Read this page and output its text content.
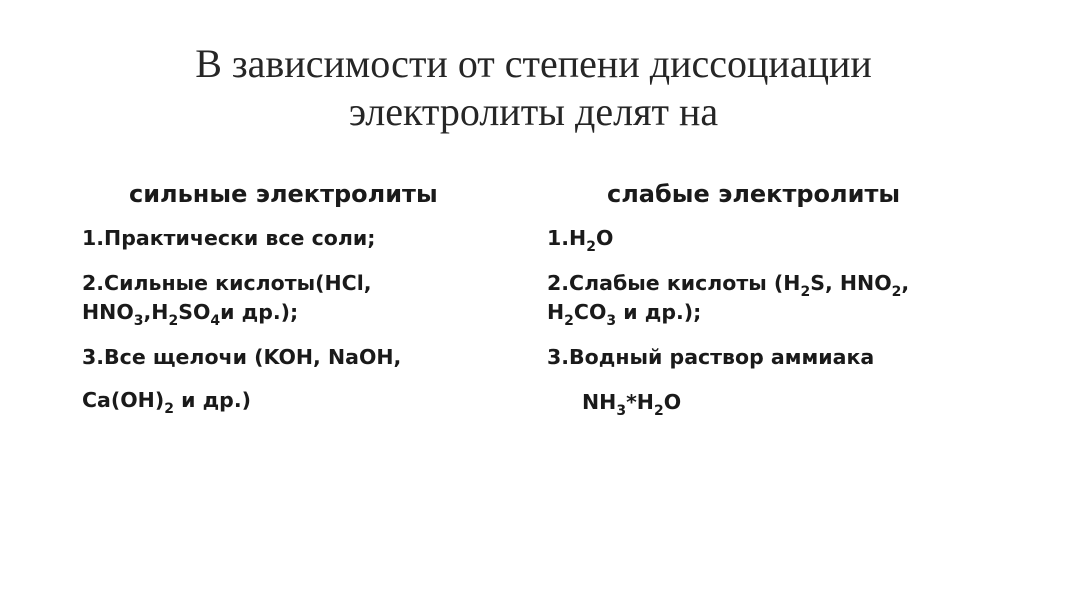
В зависимости от степени диссоциации
электролиты делят на
сильные электролиты
1.Практически все соли;
2.Сильные кислоты(HCl,
$HNO_3,H_2SO_4и$ др.);
3.Все щелочи (KOH, NaOH,
$Ca(OH)_2$ и др.)
слабые электролиты
$1.H_2O$
2.Слабые кислоты ($H_2S$, $HNO_2$,
$H_2CO_3$ и др.);
3.Водный раствор аммиака
$NH_3*H_2O$
